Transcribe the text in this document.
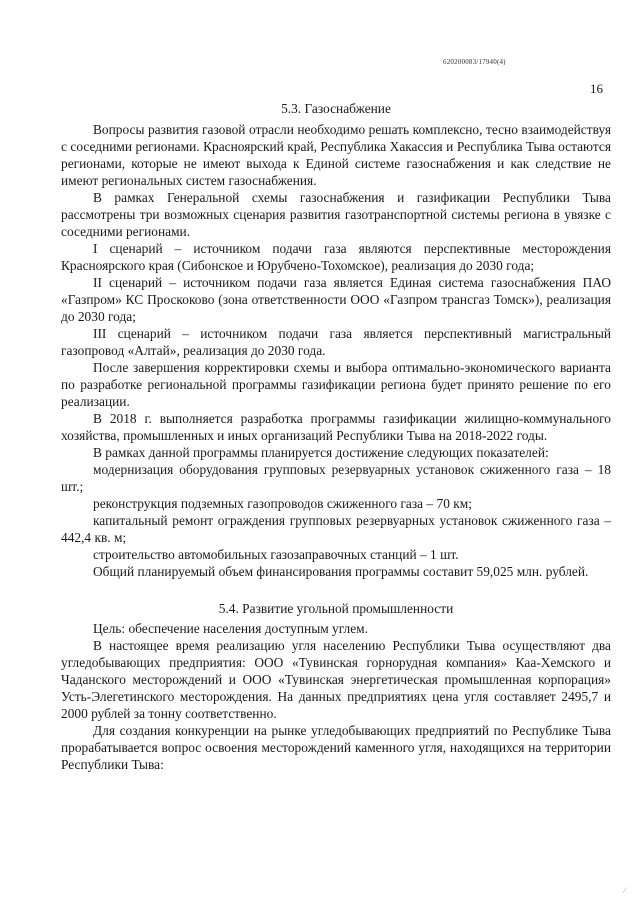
620200083/17940(4)
16
5.3. Газоснабжение

Вопросы развития газовой отрасли необходимо решать комплексно, тесно взаимодействуя с соседними регионами. Красноярский край, Республика Хакассия и Республика Тыва остаются регионами, которые не имеют выхода к Единой системе газоснабжения и как следствие не имеют региональных систем газоснабжения.

В рамках Генеральной схемы газоснабжения и газификации Республики Тыва рассмотрены три возможных сценария развития газотранспортной системы региона в увязке с соседними регионами.

I сценарий – источником подачи газа являются перспективные месторождения Красноярского края (Сибонское и Юрубчено-Тохомское), реализация до 2030 года;

II сценарий – источником подачи газа является Единая система газоснабжения ПАО «Газпром» КС Проскоково (зона ответственности ООО «Газпром трансгаз Томск»), реализация до 2030 года;

III сценарий – источником подачи газа является перспективный магистральный газопровод «Алтай», реализация до 2030 года.

После завершения корректировки схемы и выбора оптимально-экономического варианта по разработке региональной программы газификации региона будет принято решение по его реализации.

В 2018 г. выполняется разработка программы газификации жилищно-коммунального хозяйства, промышленных и иных организаций Республики Тыва на 2018-2022 годы.

В рамках данной программы планируется достижение следующих показателей:

модернизация оборудования групповых резервуарных установок сжиженного газа – 18 шт.;

реконструкция подземных газопроводов сжиженного газа – 70 км;

капитальный ремонт ограждения групповых резервуарных установок сжиженного газа – 442,4 кв. м;

строительство автомобильных газозаправочных станций – 1 шт.

Общий планируемый объем финансирования программы составит 59,025 млн. рублей.

5.4. Развитие угольной промышленности

Цель: обеспечение населения доступным углем.

В настоящее время реализацию угля населению Республики Тыва осуществляют два угледобывающих предприятия: ООО «Тувинская горнорудная компания» Каа-Хемского и Чаданского месторождений и ООО «Тувинская энергетическая промышленная корпорация» Усть-Элегетинского месторождения. На данных предприятиях цена угля составляет 2495,7 и 2000 рублей за тонну соответственно.

Для создания конкуренции на рынке угледобывающих предприятий по Республике Тыва прорабатывается вопрос освоения месторождений каменного угля, находящихся на территории Республики Тыва:

⁄
